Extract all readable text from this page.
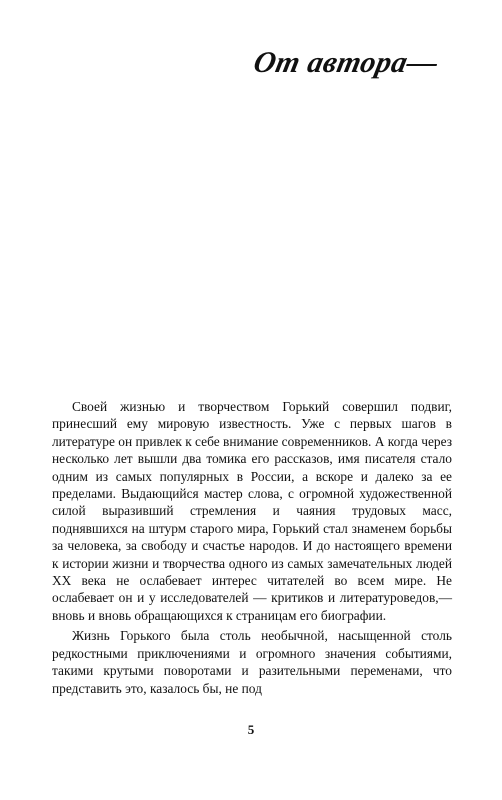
От автора—

Своей жизнью и творчеством Горький совершил подвиг, принесший ему мировую известность. Уже с первых шагов в литературе он привлек к себе внимание современников. А когда через несколько лет вышли два томика его рассказов, имя писателя стало одним из самых популярных в России, а вскоре и далеко за ее пределами. Выдающийся мастер слова, с огромной художественной силой выразивший стремления и чаяния трудовых масс, поднявшихся на штурм старого мира, Горький стал знаменем борьбы за человека, за свободу и счастье народов. И до настоящего времени к истории жизни и творчества одного из самых замечательных людей XX века не ослабевает интерес читателей во всем мире. Не ослабевает он и у исследователей — критиков и литературоведов,— вновь и вновь обращающихся к страницам его биографии.

Жизнь Горького была столь необычной, насыщенной столь редкостными приключениями и огромного значения событиями, такими крутыми поворотами и разительными переменами, что представить это, казалось бы, не под

5
